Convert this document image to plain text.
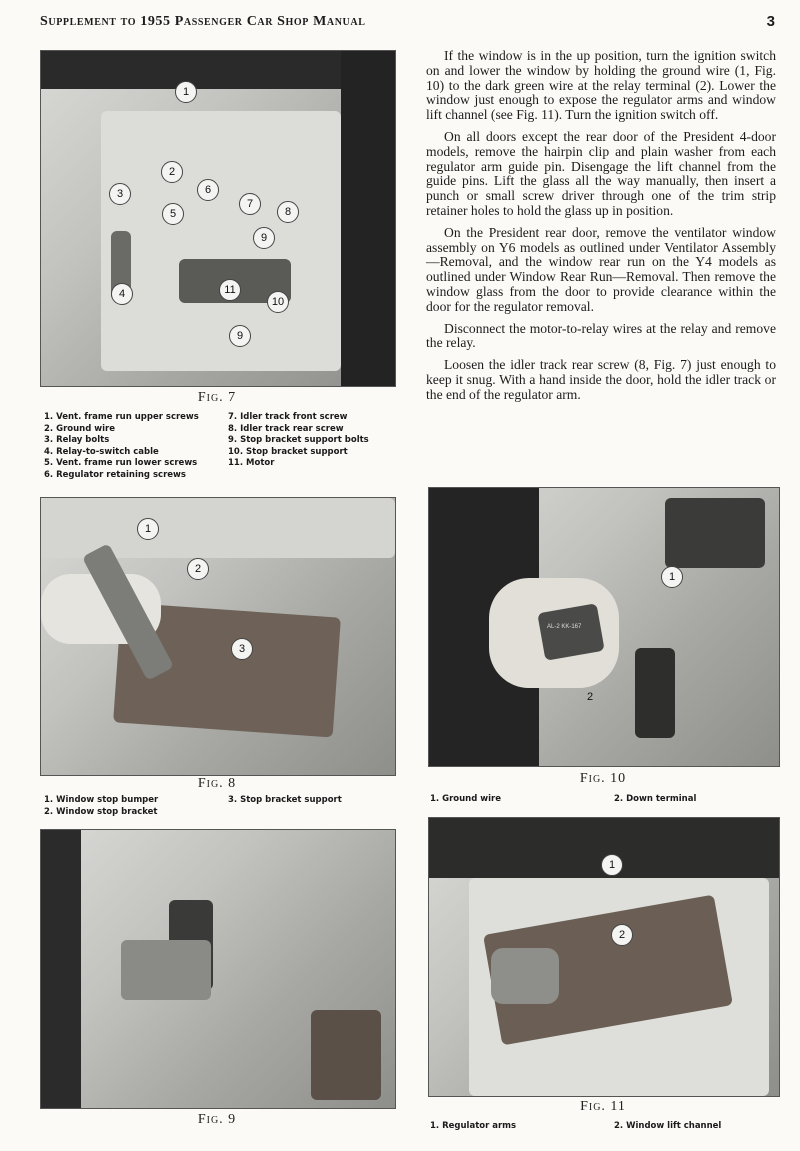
Supplement to 1955 Passenger Car Shop Manual	3
1
2
3
4
5
6
7
8
9
9
10
11
Fig. 7
1. Vent. frame run upper screws
2. Ground wire
3. Relay bolts
4. Relay-to-switch cable
5. Vent. frame run lower screws
6. Regulator retaining screws
7. Idler track front screw
8. Idler track rear screw
9. Stop bracket support bolts
10. Stop bracket support
11. Motor

If the window is in the up position, turn the ignition switch on and lower the window by holding the ground wire (1, Fig. 10) to the dark green wire at the relay terminal (2). Lower the window just enough to expose the regulator arms and window lift channel (see Fig. 11). Turn the ignition switch off.

On all doors except the rear door of the President 4-door models, remove the hairpin clip and plain washer from each regulator arm guide pin. Disengage the lift channel from the guide pins. Lift the glass all the way manually, then insert a punch or small screw driver through one of the trim strip retainer holes to hold the glass up in position.

On the President rear door, remove the ventilator window assembly on Y6 models as outlined under Ventilator Assembly—Removal, and the window rear run on the Y4 models as outlined under Window Rear Run—Removal. Then remove the window glass from the door to provide clearance within the door for the regulator removal.

Disconnect the motor-to-relay wires at the relay and remove the relay.

Loosen the idler track rear screw (8, Fig. 7) just enough to keep it snug. With a hand inside the door, hold the idler track or the end of the regulator arm.

1
2
3
Fig. 8
1. Window stop bumper
2. Window stop bracket
3. Stop bracket support
Fig. 9
AL-2 KK-167
1
2
Fig. 10
1. Ground wire	2. Down terminal
1
2
Fig. 11
1. Regulator arms	2. Window lift channel
